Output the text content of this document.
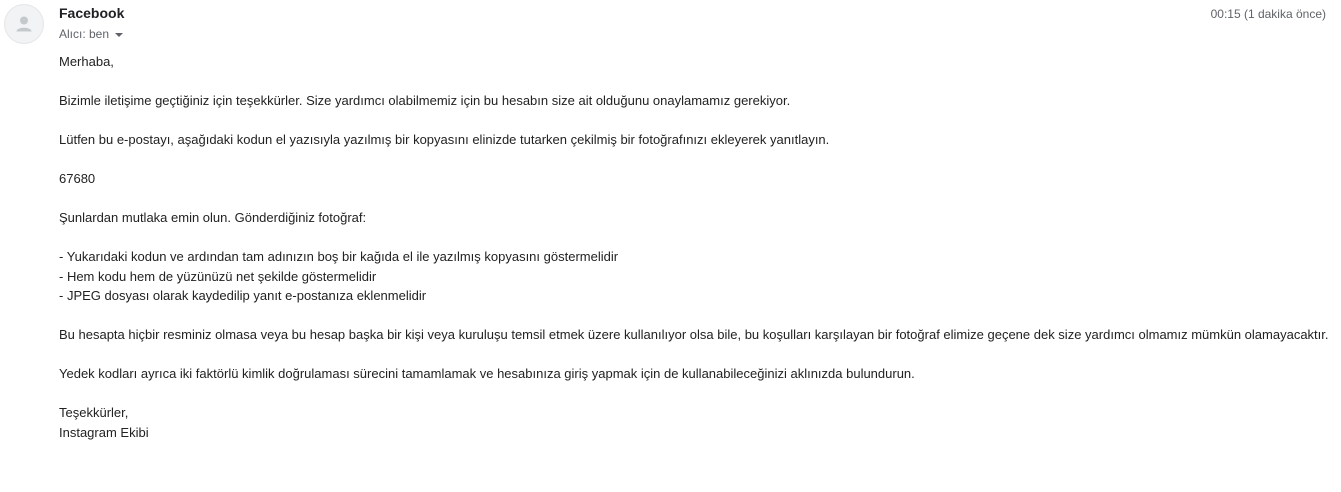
Facebook
Alıcı: ben
00:15 (1 dakika önce)

Merhaba,

Bizimle iletişime geçtiğiniz için teşekkürler. Size yardımcı olabilmemiz için bu hesabın size ait olduğunu onaylamamız gerekiyor.

Lütfen bu e-postayı, aşağıdaki kodun el yazısıyla yazılmış bir kopyasını elinizde tutarken çekilmiş bir fotoğrafınızı ekleyerek yanıtlayın.

67680

Şunlardan mutlaka emin olun. Gönderdiğiniz fotoğraf:

- Yukarıdaki kodun ve ardından tam adınızın boş bir kağıda el ile yazılmış kopyasını göstermelidir
- Hem kodu hem de yüzünüzü net şekilde göstermelidir
- JPEG dosyası olarak kaydedilip yanıt e-postanıza eklenmelidir

Bu hesapta hiçbir resminiz olmasa veya bu hesap başka bir kişi veya kuruluşu temsil etmek üzere kullanılıyor olsa bile, bu koşulları karşılayan bir fotoğraf elimize geçene dek size yardımcı olmamız mümkün olamayacaktır.

Yedek kodları ayrıca iki faktörlü kimlik doğrulaması sürecini tamamlamak ve hesabınıza giriş yapmak için de kullanabileceğinizi aklınızda bulundurun.

Teşekkürler,

Instagram Ekibi
